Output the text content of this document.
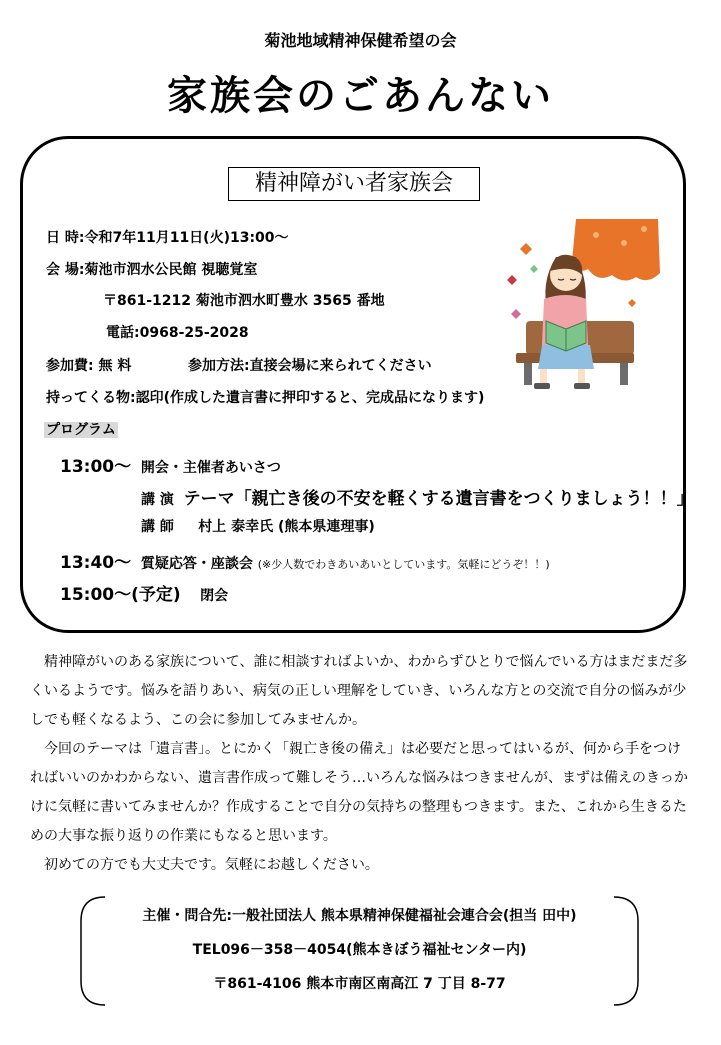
菊池地域精神保健希望の会
家族会のごあんない
精神障がい者家族会
日 時:令和7年11月11日(火)13:00～
会 場:菊池市泗水公民館 視聴覚室
〒861-1212 菊池市泗水町豊水 3565 番地
電話:0968-25-2028
参加費: 無 料	参加方法:直接会場に来られてください
持ってくる物:認印(作成した遺言書に押印すると、完成品になります)
プログラム
13:00～ 開会・主催者あいさつ
講 演 テーマ「親亡き後の不安を軽くする遺言書をつくりましょう！！」
講 師 村上 泰幸氏 (熊本県連理事)
13:40～ 質疑応答・座談会 (※少人数でわきあいあいとしています。気軽にどうぞ！！)
15:00～(予定) 閉会

精神障がいのある家族について、誰に相談すればよいか、わからずひとりで悩んでいる方はまだまだ多くいるようです。悩みを語りあい、病気の正しい理解をしていき、いろんな方との交流で自分の悩みが少しでも軽くなるよう、この会に参加してみませんか。

今回のテーマは「遺言書」。とにかく「親亡き後の備え」は必要だと思ってはいるが、何から手をつければいいのかわからない、遺言書作成って難しそう…いろんな悩みはつきませんが、まずは備えのきっかけに気軽に書いてみませんか？作成することで自分の気持ちの整理もつきます。また、これから生きるための大事な振り返りの作業にもなると思います。

初めての方でも大丈夫です。気軽にお越しください。

主催・問合先:一般社団法人 熊本県精神保健福祉会連合会(担当 田中)
TEL096－358－4054(熊本きぼう福祉センター内)
〒861-4106 熊本市南区南高江 7 丁目 8-77
